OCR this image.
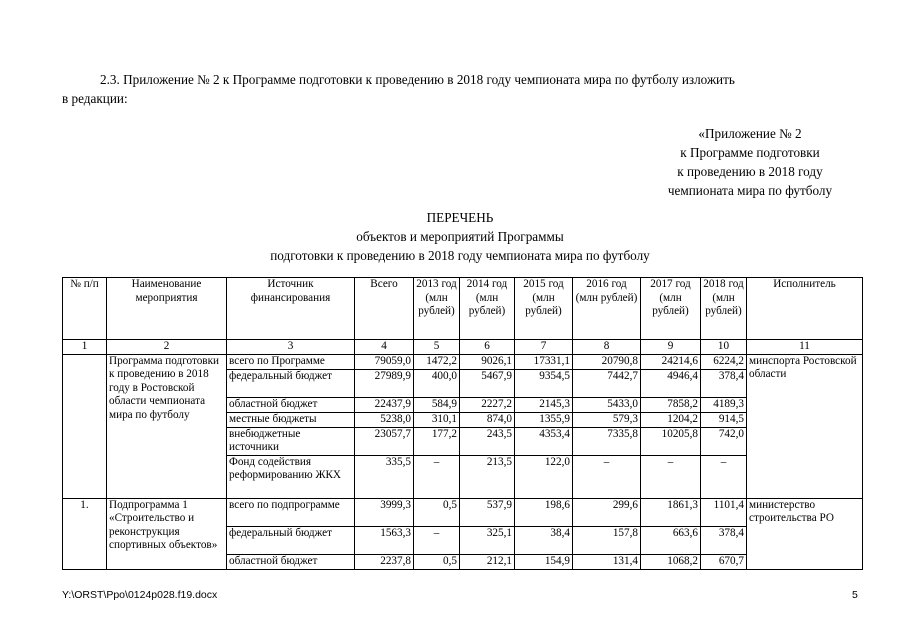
2.3. Приложение № 2 к Программе подготовки к проведению в 2018 году чемпионата мира по футболу изложить
в редакции:
«Приложение № 2
к Программе подготовки
к проведению в 2018 году
чемпионата мира по футболу
ПЕРЕЧЕНЬ
объектов и мероприятий Программы
подготовки к проведению в 2018 году чемпионата мира по футболу
№ п/п	Наименование мероприятия	Источник финансирования	Всего	2013 год (млн рублей)	2014 год (млн рублей)	2015 год (млн рублей)	2016 год (млн рублей)	2017 год (млн рублей)	2018 год (млн рублей)	Исполнитель
1	2	3	4	5	6	7	8	9	10	11
	Программа подготовки к проведению в 2018 году в Ростовской области чемпионата мира по футболу	всего по Программе	79059,0	1472,2	9026,1	17331,1	20790,8	24214,6	6224,2	минспорта Ростовской области
		федеральный бюджет	27989,9	400,0	5467,9	9354,5	7442,7	4946,4	378,4	
		областной бюджет	22437,9	584,9	2227,2	2145,3	5433,0	7858,2	4189,3	
		местные бюджеты	5238,0	310,1	874,0	1355,9	579,3	1204,2	914,5	
		внебюджетные источники	23057,7	177,2	243,5	4353,4	7335,8	10205,8	742,0	
		Фонд содействия реформированию ЖКХ	335,5	–	213,5	122,0	–	–	–	
1.	Подпрограмма 1 «Строительство и реконструкция спортивных объектов»	всего по подпрограмме	3999,3	0,5	537,9	198,6	299,6	1861,3	1101,4	министерство строительства РО
		федеральный бюджет	1563,3	–	325,1	38,4	157,8	663,6	378,4	
		областной бюджет	2237,8	0,5	212,1	154,9	131,4	1068,2	670,7	
Y:\ORST\Ppo\0124p028.f19.docx	5
